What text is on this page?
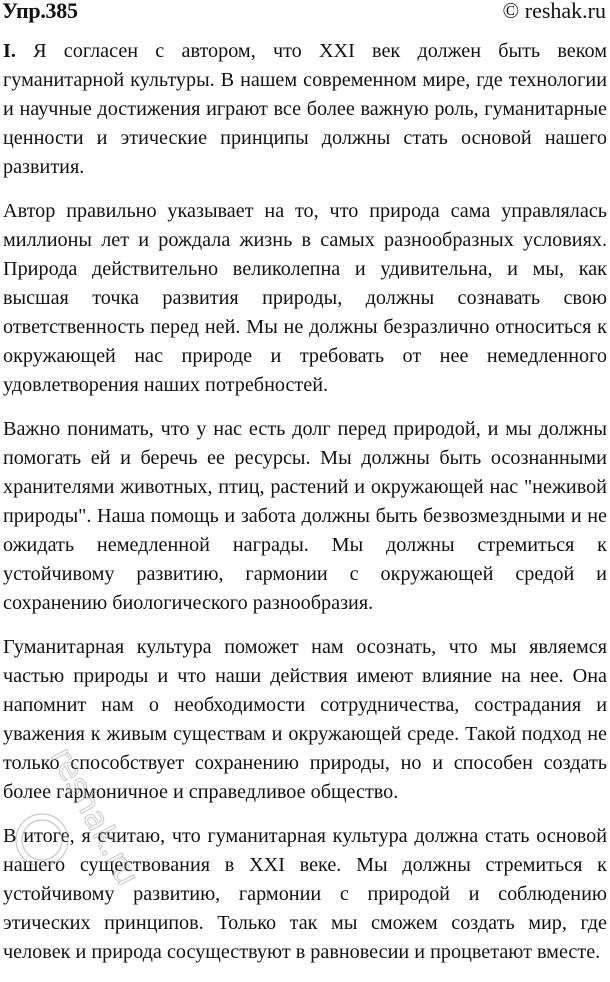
Упр.385	© reshak.ru

I. Я согласен с автором, что XXI век должен быть веком гуманитарной культуры. В нашем современном мире, где технологии и научные достижения играют все более важную роль, гуманитарные ценности и этические принципы должны стать основой нашего развития.

Автор правильно указывает на то, что природа сама управлялась миллионы лет и рождала жизнь в самых разнообразных условиях. Природа действительно великолепна и удивительна, и мы, как высшая точка развития природы, должны сознавать свою ответственность перед ней. Мы не должны безразлично относиться к окружающей нас природе и требовать от нее немедленного удовлетворения наших потребностей.

Важно понимать, что у нас есть долг перед природой, и мы должны помогать ей и беречь ее ресурсы. Мы должны быть осознанными хранителями животных, птиц, растений и окружающей нас "неживой природы". Наша помощь и забота должны быть безвозмездными и не ожидать немедленной награды. Мы должны стремиться к устойчивому развитию, гармонии с окружающей средой и сохранению биологического разнообразия.

Гуманитарная культура поможет нам осознать, что мы являемся частью природы и что наши действия имеют влияние на нее. Она напомнит нам о необходимости сотрудничества, сострадания и уважения к живым существам и окружающей среде. Такой подход не только способствует сохранению природы, но и способен создать более гармоничное и справедливое общество.

В итоге, я считаю, что гуманитарная культура должна стать основой нашего существования в XXI веке. Мы должны стремиться к устойчивому развитию, гармонии с природой и соблюдению этических принципов. Только так мы сможем создать мир, где человек и природа сосуществуют в равновесии и процветают вместе.

reshak.ru
